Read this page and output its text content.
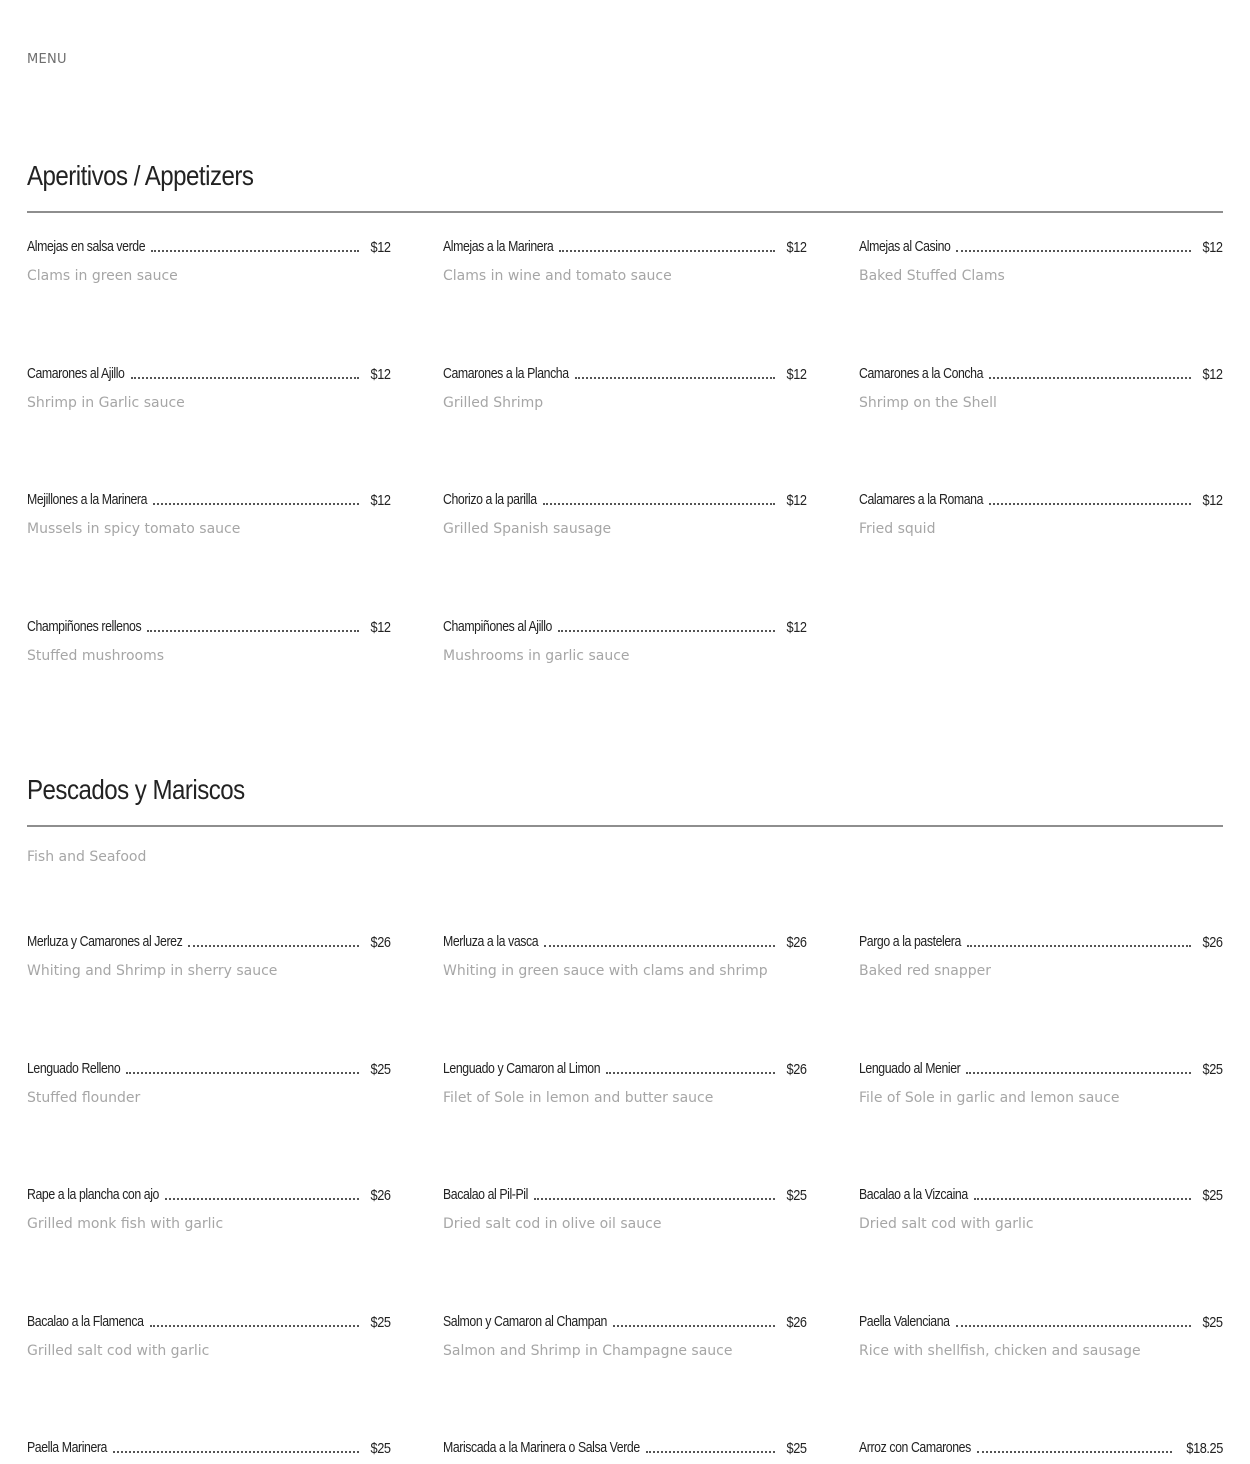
MENU
Aperitivos / Appetizers
Almejas en salsa verde	$12
Clams in green sauce
Almejas a la Marinera	$12
Clams in wine and tomato sauce
Almejas al Casino	$12
Baked Stuffed Clams
Camarones al Ajillo	$12
Shrimp in Garlic sauce
Camarones a la Plancha	$12
Grilled Shrimp
Camarones a la Concha	$12
Shrimp on the Shell
Mejillones a la Marinera	$12
Mussels in spicy tomato sauce
Chorizo a la parilla	$12
Grilled Spanish sausage
Calamares a la Romana	$12
Fried squid
Champiñones rellenos	$12
Stuffed mushrooms
Champiñones al Ajillo	$12
Mushrooms in garlic sauce
Pescados y Mariscos
Fish and Seafood
Merluza y Camarones al Jerez	$26
Whiting and Shrimp in sherry sauce
Merluza a la vasca	$26
Whiting in green sauce with clams and shrimp
Pargo a la pastelera	$26
Baked red snapper
Lenguado Relleno	$25
Stuffed flounder
Lenguado y Camaron al Limon	$26
Filet of Sole in lemon and butter sauce
Lenguado al Menier	$25
File of Sole in garlic and lemon sauce
Rape a la plancha con ajo	$26
Grilled monk fish with garlic
Bacalao al Pil-Pil	$25
Dried salt cod in olive oil sauce
Bacalao a la Vizcaina	$25
Dried salt cod with garlic
Bacalao a la Flamenca	$25
Grilled salt cod with garlic
Salmon y Camaron al Champan	$26
Salmon and Shrimp in Champagne sauce
Paella Valenciana	$25
Rice with shellfish, chicken and sausage
Paella Marinera	$25	Mariscada a la Marinera o Salsa Verde	$25	Arroz con Camarones	$18.25
